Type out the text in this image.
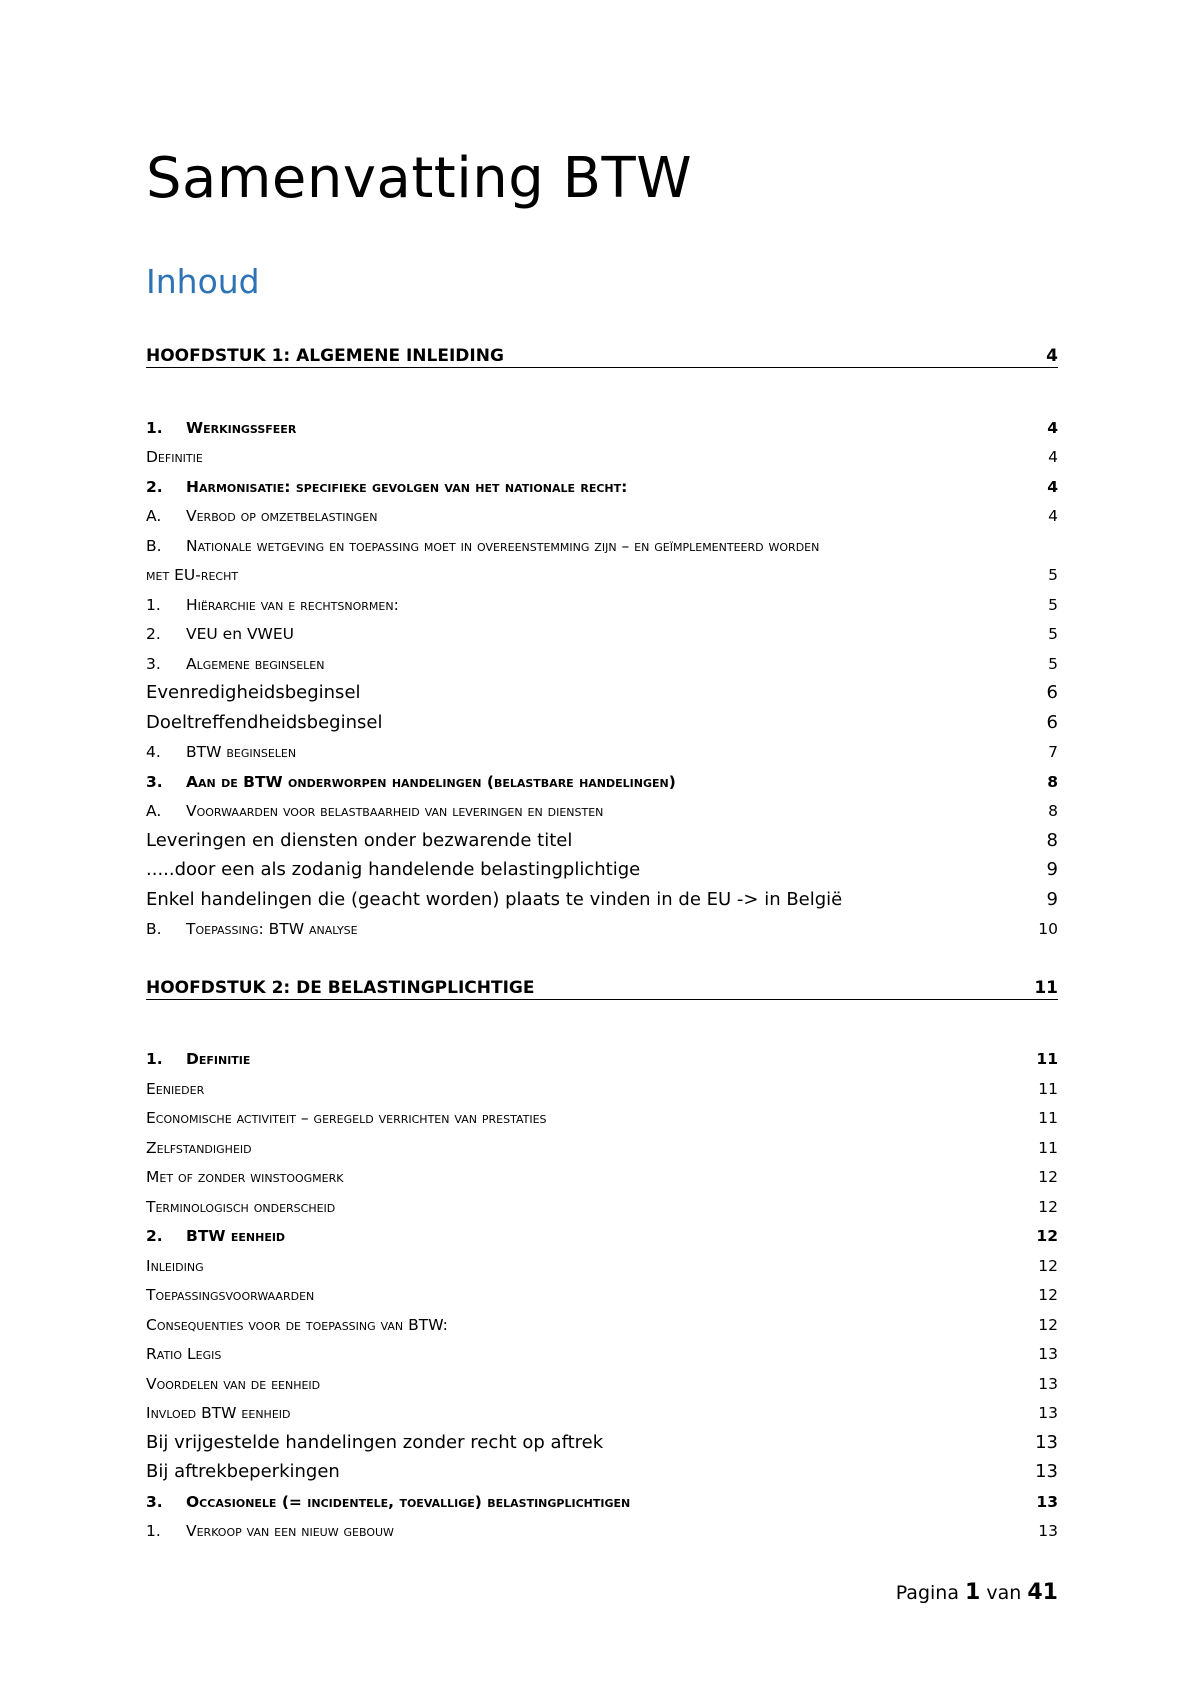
Samenvatting BTW
Inhoud
HOOFDSTUK 1: ALGEMENE INLEIDING	4
1. Werkingssfeer	4
Definitie	4
2. Harmonisatie: specifieke gevolgen van het nationale recht:	4
A. Verbod op omzetbelastingen	4
B. Nationale wetgeving en toepassing moet in overeenstemming zijn – en geïmplementeerd worden
met EU-recht	5
1. Hiërarchie van e rechtsnormen:	5
2. VEU en VWEU	5
3. Algemene beginselen	5
Evenredigheidsbeginsel	6
Doeltreffendheidsbeginsel	6
4. BTW beginselen	7
3. Aan de BTW onderworpen handelingen (belastbare handelingen)	8
A. Voorwaarden voor belastbaarheid van leveringen en diensten	8
Leveringen en diensten onder bezwarende titel	8
.....door een als zodanig handelende belastingplichtige	9
Enkel handelingen die (geacht worden) plaats te vinden in de EU -> in België	9
B. Toepassing: BTW analyse	10
HOOFDSTUK 2: DE BELASTINGPLICHTIGE	11
1. Definitie	11
Eenieder	11
Economische activiteit – geregeld verrichten van prestaties	11
Zelfstandigheid	11
Met of zonder winstoogmerk	12
Terminologisch onderscheid	12
2. BTW eenheid	12
Inleiding	12
Toepassingsvoorwaarden	12
Consequenties voor de toepassing van BTW:	12
Ratio Legis	13
Voordelen van de eenheid	13
Invloed BTW eenheid	13
Bij vrijgestelde handelingen zonder recht op aftrek	13
Bij aftrekbeperkingen	13
3. Occasionele (= incidentele, toevallige) belastingplichtigen	13
1. Verkoop van een nieuw gebouw	13
Pagina 1 van 41
